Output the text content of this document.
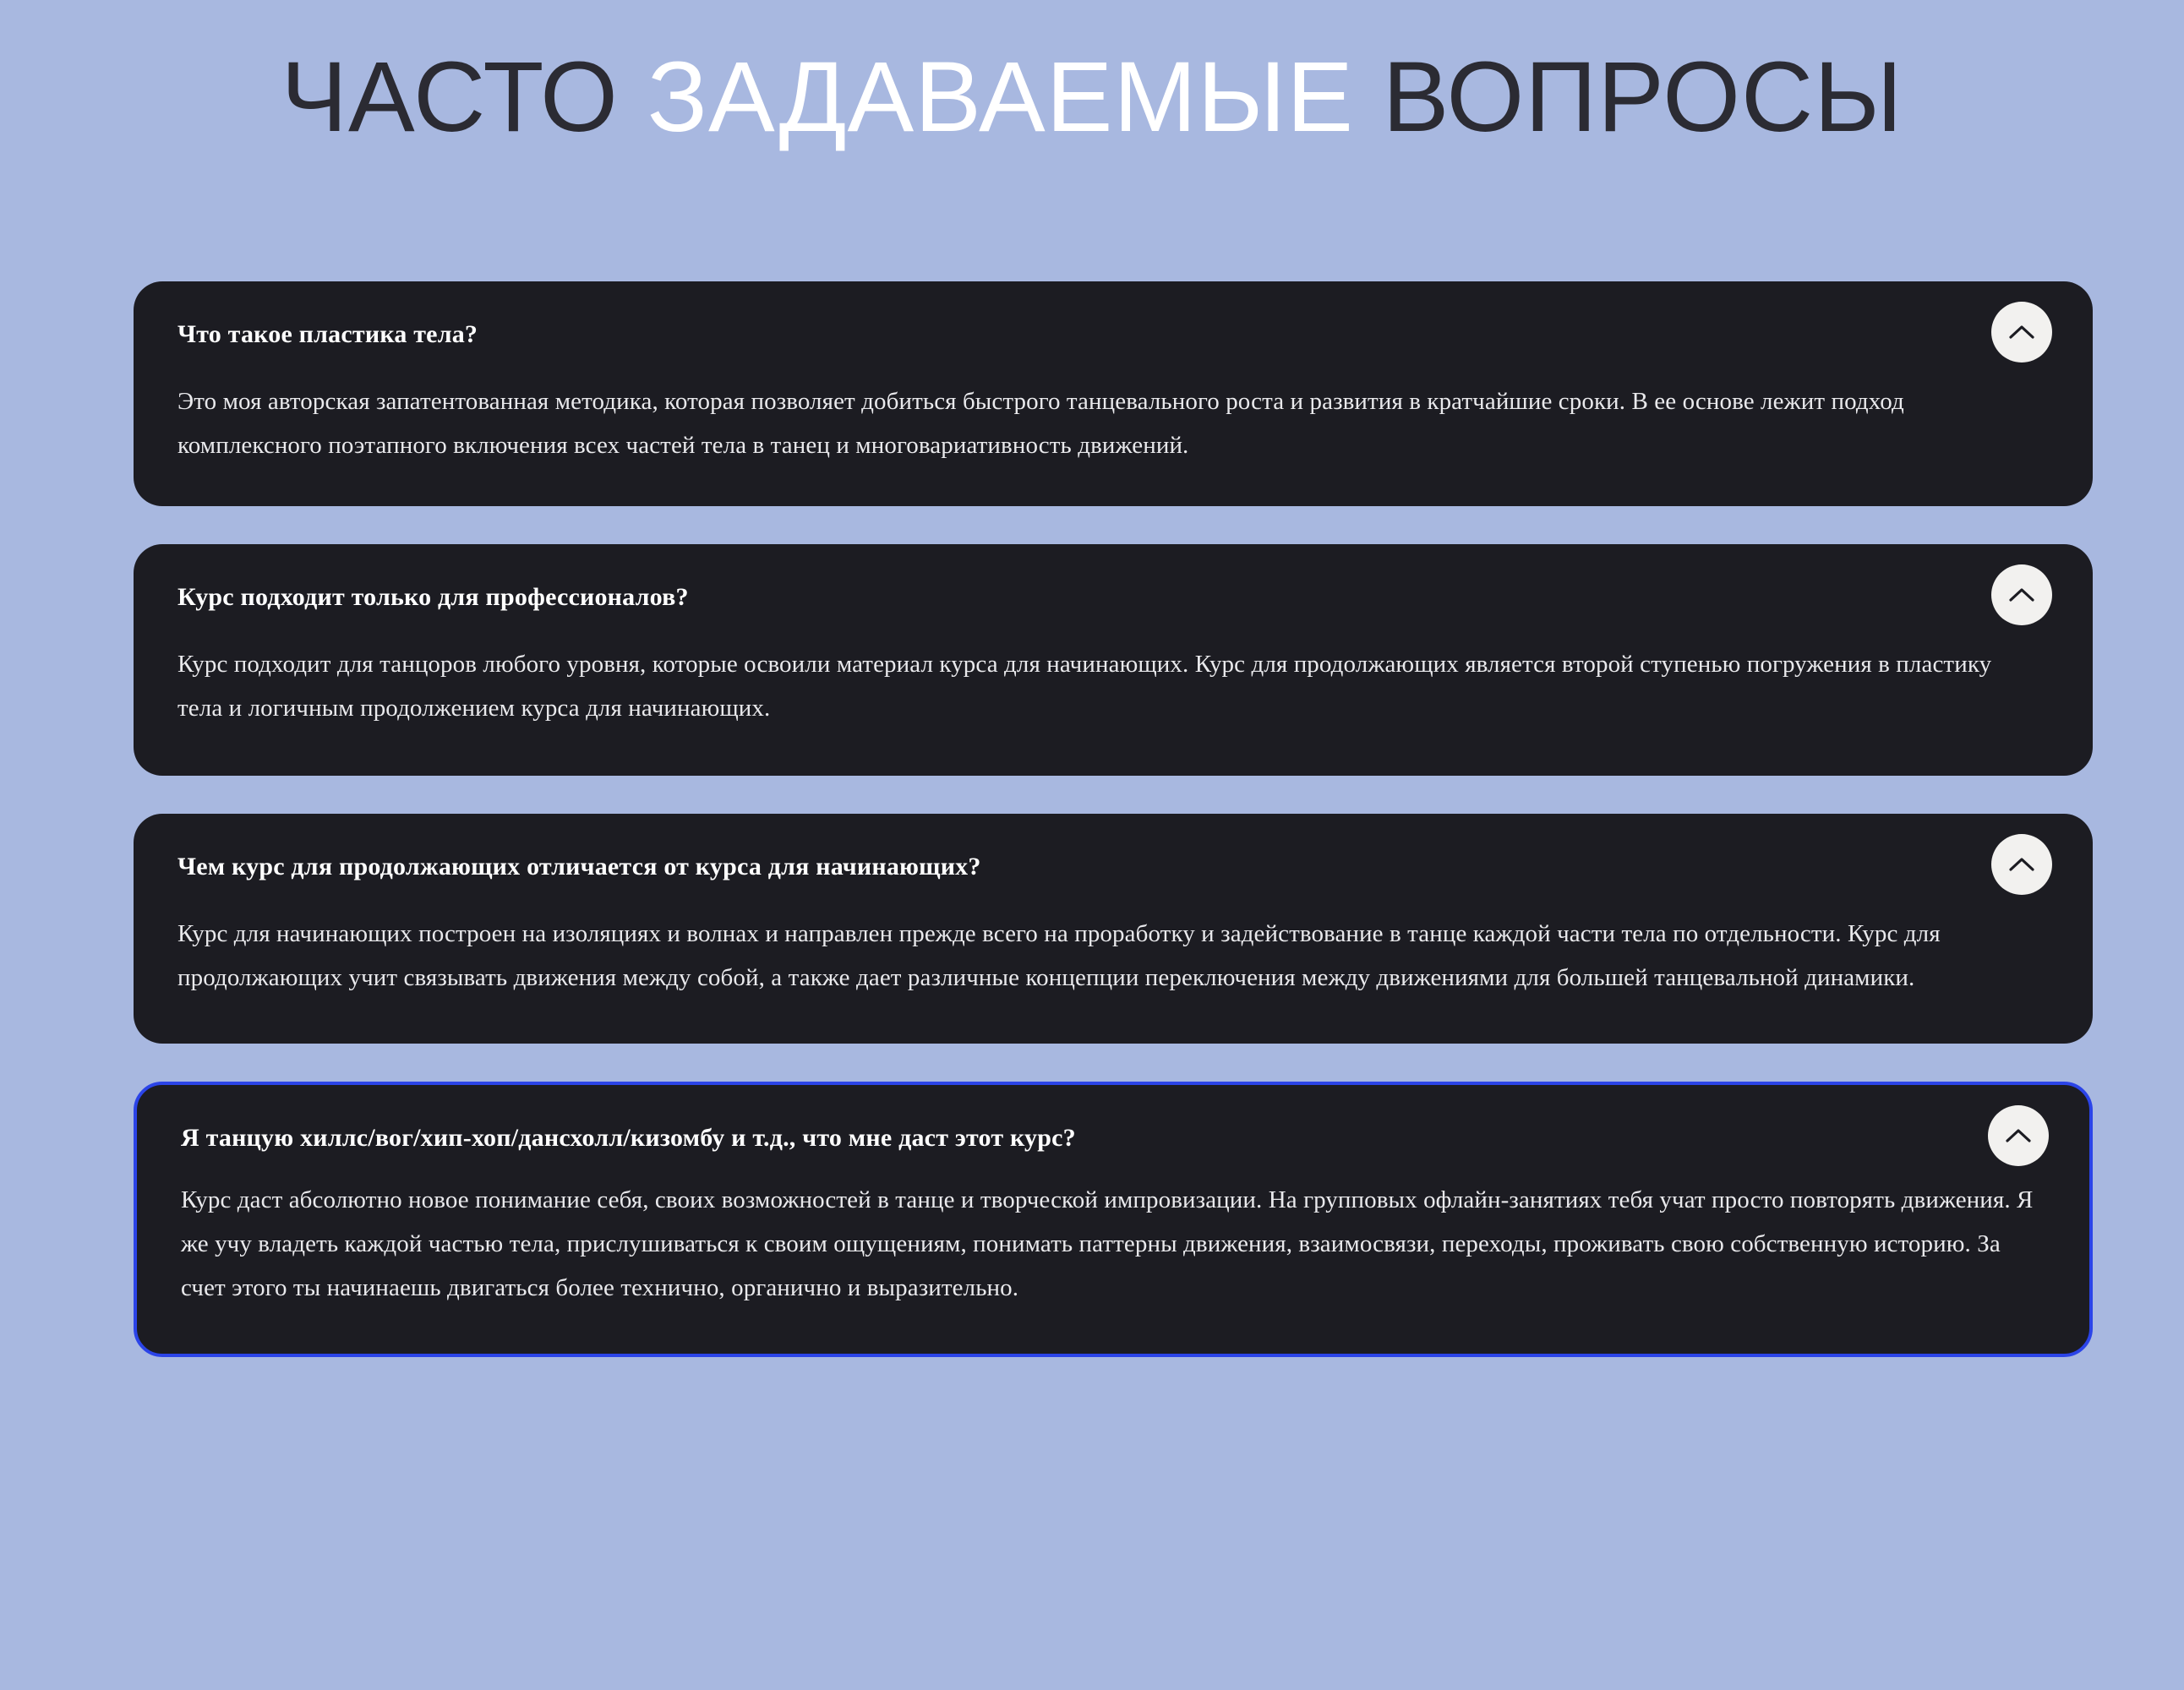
ЧАСТО ЗАДАВАЕМЫЕ ВОПРОСЫ
Что такое пластика тела?
Это моя авторская запатентованная методика, которая позволяет добиться быстрого танцевального роста и развития в кратчайшие сроки. В ее основе лежит подход комплексного поэтапного включения всех частей тела в танец и многовариативность движений.
Курс подходит только для профессионалов?
Курс подходит для танцоров любого уровня, которые освоили материал курса для начинающих. Курс для продолжающих является второй ступенью погружения в пластику тела и логичным продолжением курса для начинающих.
Чем курс для продолжающих отличается от курса для начинающих?
Курс для начинающих построен на изоляциях и волнах и направлен прежде всего на проработку и задействование в танце каждой части тела по отдельности. Курс для продолжающих учит связывать движения между собой, а также дает различные концепции переключения между движениями для большей танцевальной динамики.
Я танцую хиллс/вог/хип-хоп/дансхолл/кизомбу и т.д., что мне даст этот курс?
Курс даст абсолютно новое понимание себя, своих возможностей в танце и творческой импровизации. На групповых офлайн-занятиях тебя учат просто повторять движения. Я же учу владеть каждой частью тела, прислушиваться к своим ощущениям, понимать паттерны движения, взаимосвязи, переходы, проживать свою собственную историю. За счет этого ты начинаешь двигаться более технично, органично и выразительно.
